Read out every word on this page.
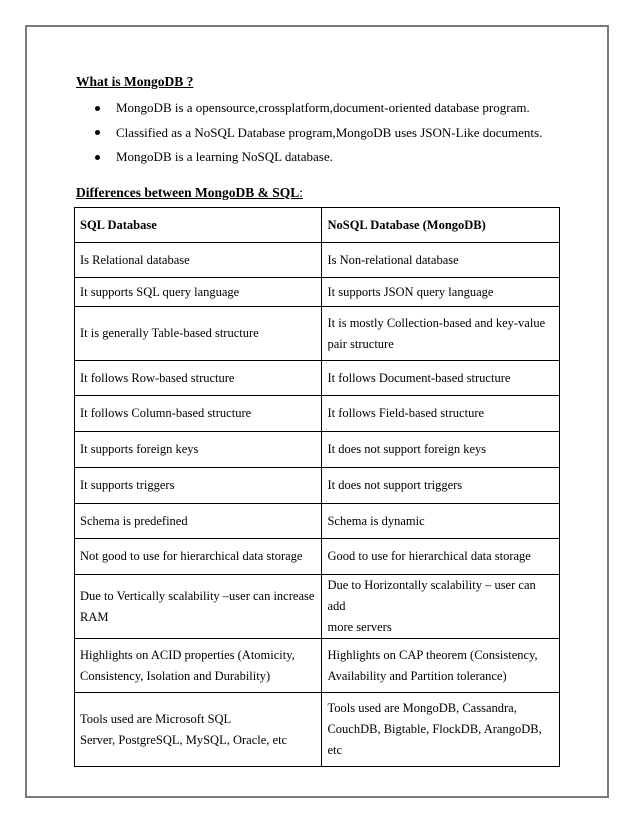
What is MongoDB ?
MongoDB is a opensource,crossplatform,document-oriented database program.
Classified as a NoSQL Database program,MongoDB uses JSON-Like documents.
MongoDB is a learning NoSQL database.
Differences between MongoDB & SQL:
SQL Database	NoSQL Database (MongoDB)
Is Relational database	Is Non-relational database
It supports SQL query language	It supports JSON query language
It is generally Table-based structure	It is mostly Collection-based and key-value
pair structure
It follows Row-based structure	It follows Document-based structure
It follows Column-based structure	It follows Field-based structure
It supports foreign keys	It does not support foreign keys
It supports triggers	It does not support triggers
Schema is predefined	Schema is dynamic
Not good to use for hierarchical data storage	Good to use for hierarchical data storage
Due to Vertically scalability –user can increase
RAM	Due to Horizontally scalability – user can add
more servers
Highlights on ACID properties (Atomicity,
Consistency, Isolation and Durability)	Highlights on CAP theorem (Consistency,
Availability and Partition tolerance)
Tools used are Microsoft SQL
Server, PostgreSQL, MySQL, Oracle, etc	Tools used are MongoDB, Cassandra,
CouchDB, Bigtable, FlockDB, ArangoDB,
etc
